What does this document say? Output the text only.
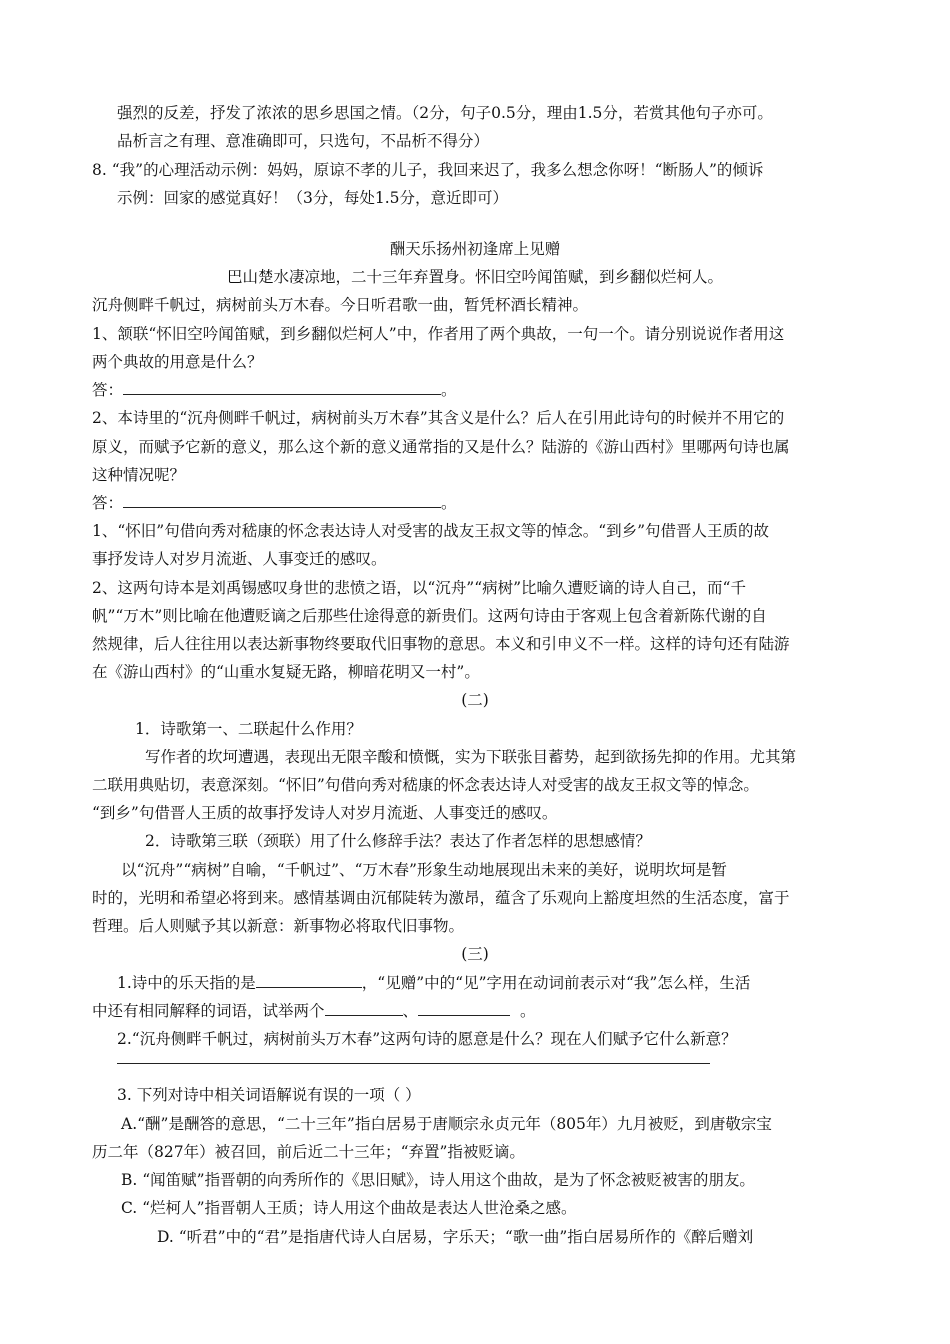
强烈的反差，抒发了浓浓的思乡思国之情。（2分，句子0.5分，理由1.5分，若赏其他句子亦可。
品析言之有理、意准确即可，只选句，不品析不得分）
8. “我”的心理活动示例：妈妈，原谅不孝的儿子，我回来迟了，我多么想念你呀！“断肠人”的倾诉
示例：回家的感觉真好！（3分，每处1.5分，意近即可）
酬天乐扬州初逢席上见赠
巴山楚水凄凉地，二十三年弃置身。怀旧空吟闻笛赋，到乡翻似烂柯人。
沉舟侧畔千帆过，病树前头万木春。今日听君歌一曲，暂凭杯酒长精神。
1、颔联“怀旧空吟闻笛赋，到乡翻似烂柯人”中，作者用了两个典故，一句一个。请分别说说作者用这
两个典故的用意是什么？
答：	。
2、本诗里的“沉舟侧畔千帆过，病树前头万木春”其含义是什么？后人在引用此诗句的时候并不用它的
原义，而赋予它新的意义，那么这个新的意义通常指的又是什么？陆游的《游山西村》里哪两句诗也属
这种情况呢？
答：	。
1、“怀旧”句借向秀对嵇康的怀念表达诗人对受害的战友王叔文等的悼念。“到乡”句借晋人王质的故
事抒发诗人对岁月流逝、人事变迁的感叹。
2、这两句诗本是刘禹锡感叹身世的悲愤之语，以“沉舟”“病树”比喻久遭贬谪的诗人自己，而“千
帆”“万木”则比喻在他遭贬谪之后那些仕途得意的新贵们。这两句诗由于客观上包含着新陈代谢的自
然规律，后人往往用以表达新事物终要取代旧事物的意思。本义和引申义不一样。这样的诗句还有陆游
在《游山西村》的“山重水复疑无路，柳暗花明又一村”。
(二)
1．诗歌第一、二联起什么作用？
写作者的坎坷遭遇，表现出无限辛酸和愤慨，实为下联张目蓄势，起到欲扬先抑的作用。尤其第
二联用典贴切，表意深刻。“怀旧”句借向秀对嵇康的怀念表达诗人对受害的战友王叔文等的悼念。
“到乡”句借晋人王质的故事抒发诗人对岁月流逝、人事变迁的感叹。
2．诗歌第三联（颈联）用了什么修辞手法？表达了作者怎样的思想感情？
以“沉舟”“病树”自喻，“千帆过”、“万木春”形象生动地展现出未来的美好，说明坎坷是暂
时的，光明和希望必将到来。感情基调由沉郁陡转为激昂，蕴含了乐观向上豁度坦然的生活态度，富于
哲理。后人则赋予其以新意：新事物必将取代旧事物。
(三)
1.诗中的乐天指的是	，“见赠”中的“见”字用在动词前表示对“我”怎么样，生活
中还有相同解释的词语，试举两个	、	。
2.“沉舟侧畔千帆过，病树前头万木春”这两句诗的愿意是什么？现在人们赋予它什么新意？
3. 下列对诗中相关词语解说有误的一项（ ）
A.“酬”是酬答的意思，“二十三年”指白居易于唐顺宗永贞元年（805年）九月被贬，到唐敬宗宝
历二年（827年）被召回，前后近二十三年；“弃置”指被贬谪。
B. “闻笛赋”指晋朝的向秀所作的《思旧赋》，诗人用这个曲故，是为了怀念被贬被害的朋友。
C. “烂柯人”指晋朝人王质；诗人用这个曲故是表达人世沧桑之感。
D. “听君”中的“君”是指唐代诗人白居易，字乐天；“歌一曲”指白居易所作的《醉后赠刘
